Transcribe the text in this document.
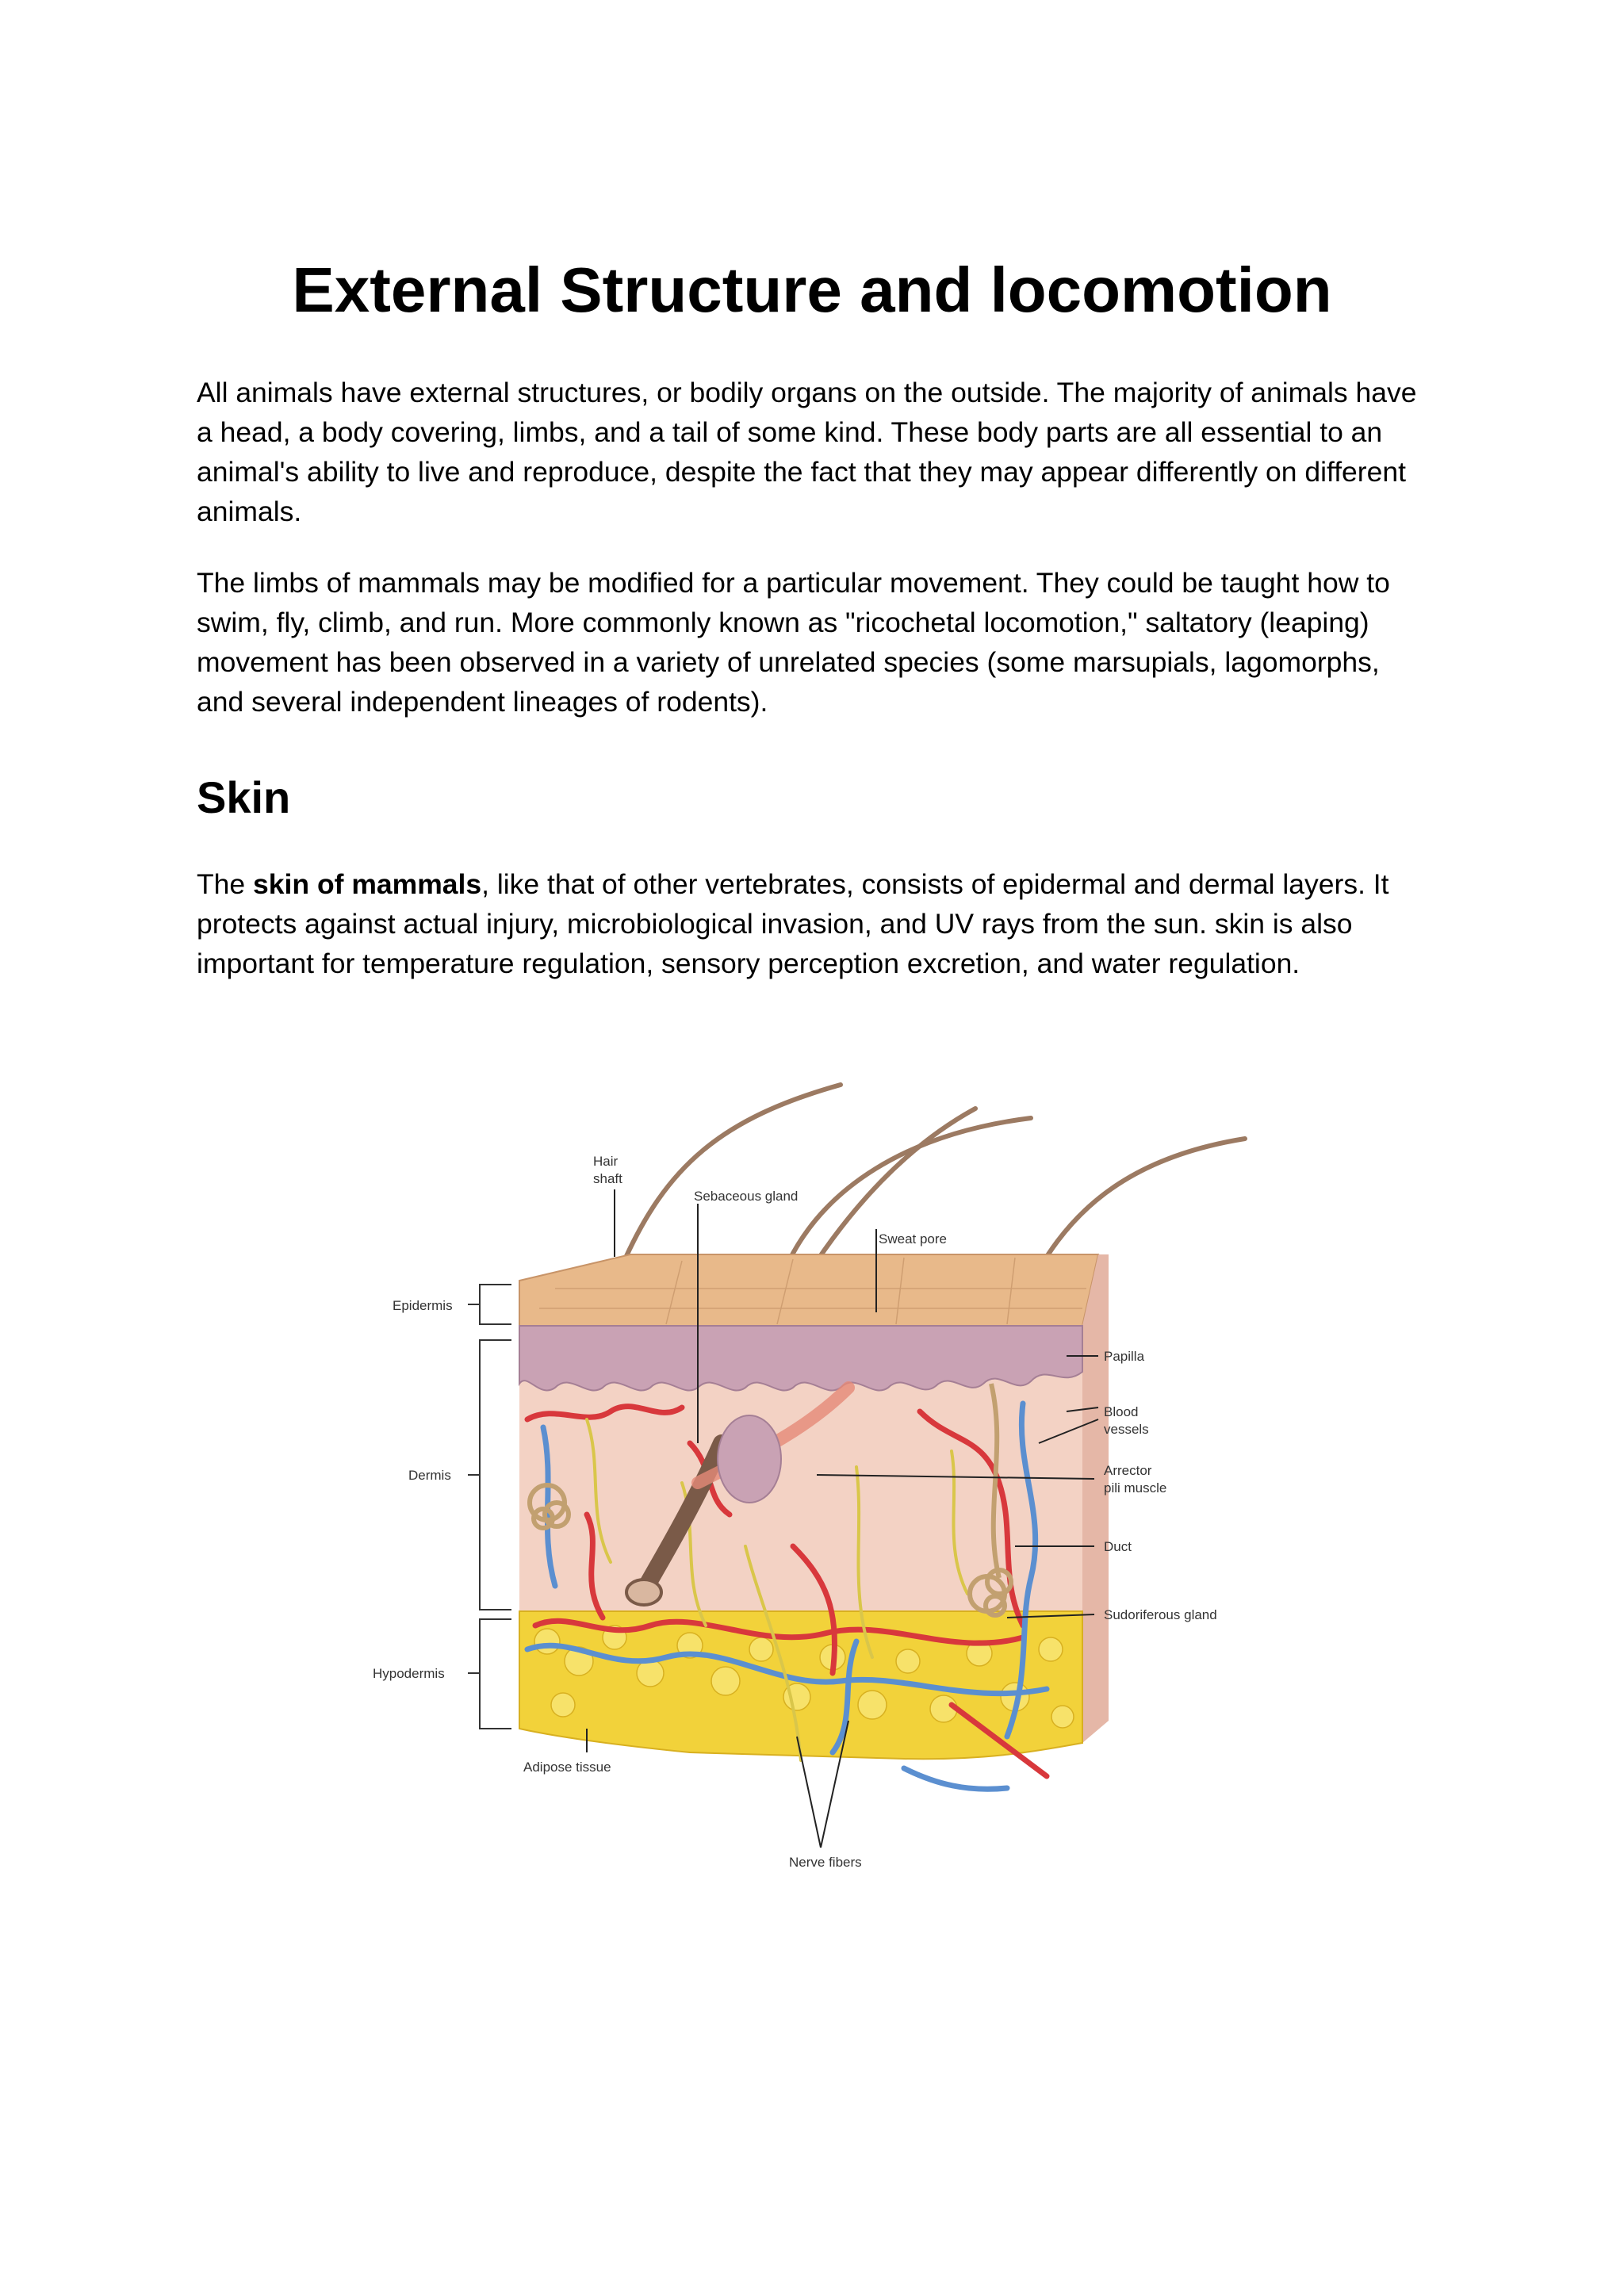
External Structure and locomotion

All animals have external structures, or bodily organs on the outside. The majority of animals have a head, a body covering, limbs, and a tail of some kind. These body parts are all essential to an animal's ability to live and reproduce, despite the fact that they may appear differently on different animals.

The limbs of mammals may be modified for a particular movement. They could be taught how to swim, fly, climb, and run. More commonly known as "ricochetal locomotion," saltatory (leaping) movement has been observed in a variety of unrelated species (some marsupials, lagomorphs, and several independent lineages of rodents).

Skin

The skin of mammals, like that of other vertebrates, consists of epidermal and dermal layers. It protects against actual injury, microbiological invasion, and UV rays from the sun. skin is also important for temperature regulation, sensory perception excretion, and water regulation.

Hair
shaft
Sebaceous gland
Sweat pore
Epidermis
Dermis
Hypodermis
Papilla
Blood
vessels
Arrector
pili muscle
Duct
Sudoriferous gland
Adipose tissue
Nerve fibers
